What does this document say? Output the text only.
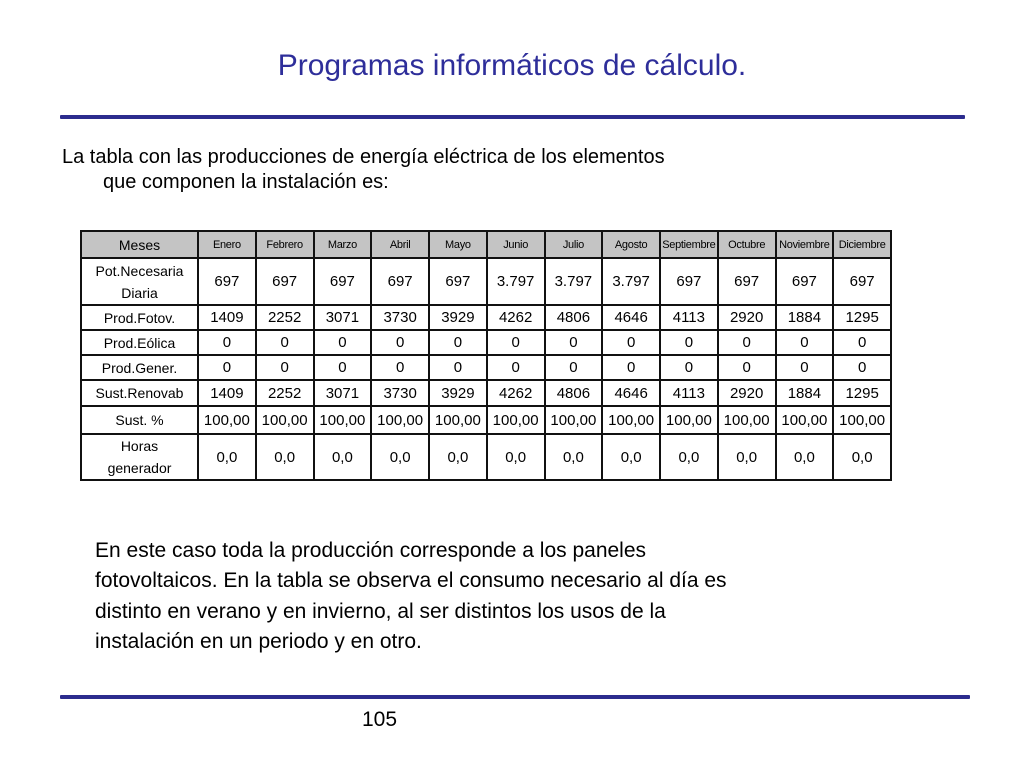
Programas informáticos de cálculo.
La tabla con las producciones de energía eléctrica de los elementos
que componen la instalación es:
Meses	Enero	Febrero	Marzo	Abril	Mayo	Junio	Julio	Agosto	Septiembre	Octubre	Noviembre	Diciembre

Pot.Necesaria
Diaria	697	697	697	697	697	3.797	3.797	3.797	697	697	697	697

Prod.Fotov.	1409	2252	3071	3730	3929	4262	4806	4646	4113	2920	1884	1295

Prod.Eólica	0	0	0	0	0	0	0	0	0	0	0	0

Prod.Gener.	0	0	0	0	0	0	0	0	0	0	0	0

Sust.Renovab	1409	2252	3071	3730	3929	4262	4806	4646	4113	2920	1884	1295

Sust. %	100,00	100,00	100,00	100,00	100,00	100,00	100,00	100,00	100,00	100,00	100,00	100,00

Horas
generador	0,0	0,0	0,0	0,0	0,0	0,0	0,0	0,0	0,0	0,0	0,0	0,0
En este caso toda la producción corresponde a los paneles
fotovoltaicos. En la tabla se observa el consumo necesario al día es
distinto en verano y en invierno, al ser distintos los usos de la
instalación en un periodo y en otro.
105
